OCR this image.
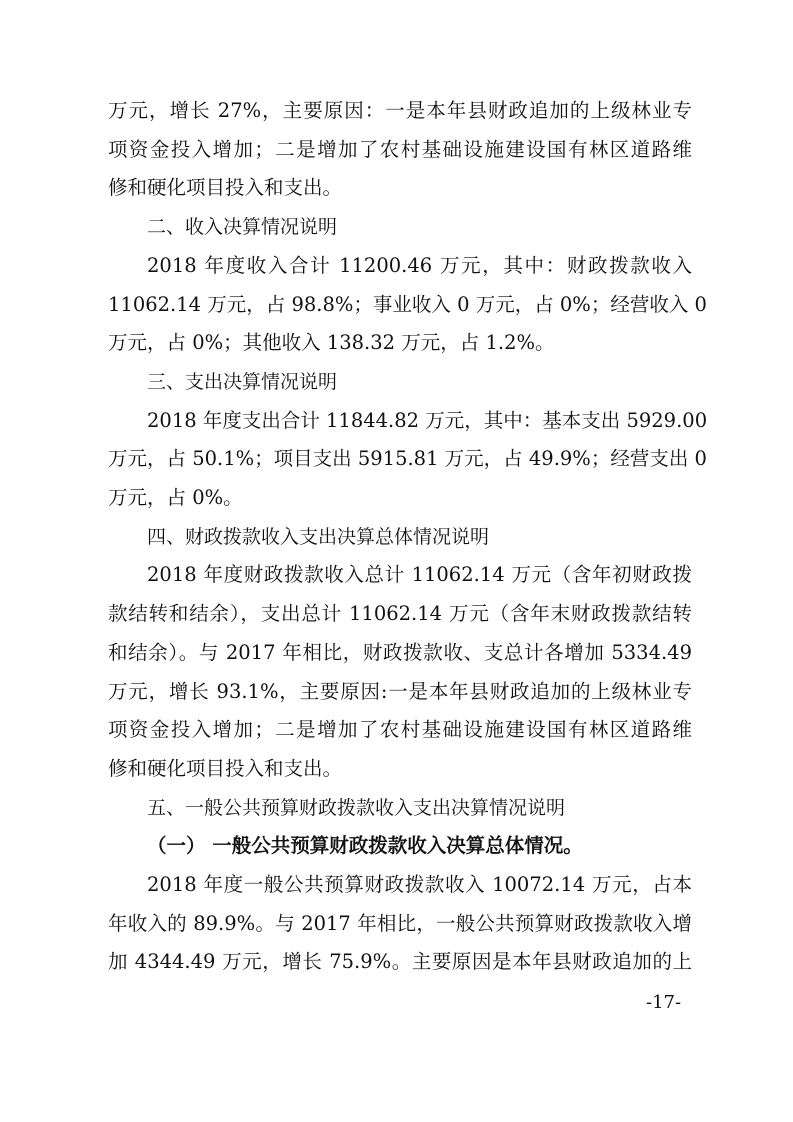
万元，增长 27%，主要原因：一是本年县财政追加的上级林业专
项资金投入增加；二是增加了农村基础设施建设国有林区道路维
修和硬化项目投入和支出。

二、收入决算情况说明

2018 年度收入合计 11200.46 万元，其中：财政拨款收入
11062.14 万元，占 98.8%；事业收入 0 万元，占 0%；经营收入 0
万元，占 0%；其他收入 138.32 万元，占 1.2%。

三、支出决算情况说明

2018 年度支出合计 11844.82 万元，其中：基本支出 5929.00
万元，占 50.1%；项目支出 5915.81 万元，占 49.9%；经营支出 0
万元，占 0%。

四、财政拨款收入支出决算总体情况说明

2018 年度财政拨款收入总计 11062.14 万元（含年初财政拨
款结转和结余），支出总计 11062.14 万元（含年末财政拨款结转
和结余）。与 2017 年相比，财政拨款收、支总计各增加 5334.49
万元，增长 93.1%，主要原因:一是本年县财政追加的上级林业专
项资金投入增加；二是增加了农村基础设施建设国有林区道路维
修和硬化项目投入和支出。

五、一般公共预算财政拨款收入支出决算情况说明

（一） 一般公共预算财政拨款收入决算总体情况。

2018 年度一般公共预算财政拨款收入 10072.14 万元，占本
年收入的 89.9%。与 2017 年相比，一般公共预算财政拨款收入增
加 4344.49 万元，增长 75.9%。主要原因是本年县财政追加的上

-17-
